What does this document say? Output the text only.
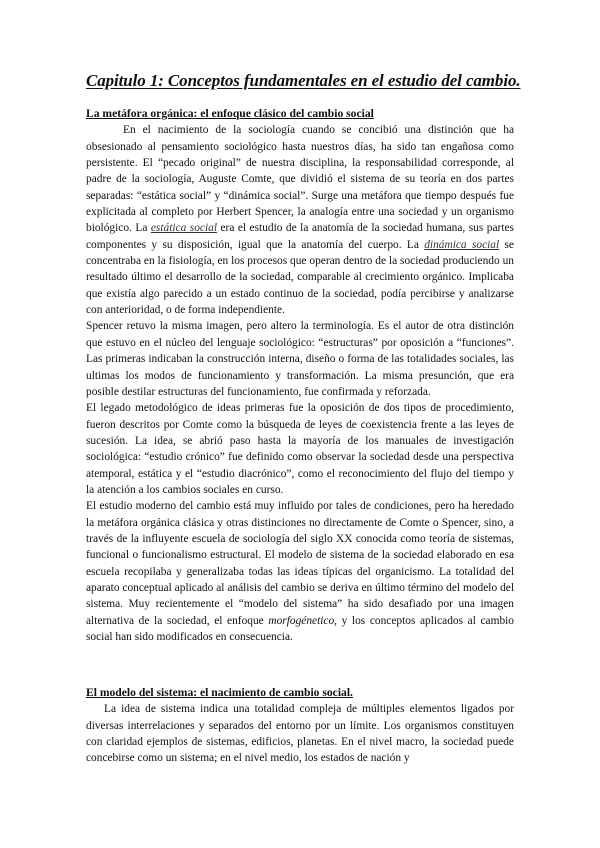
Capitulo 1: Conceptos fundamentales en el estudio del cambio.

La metáfora orgánica: el enfoque clásico del cambio social

En el nacimiento de la sociología cuando se concibió una distinción que ha obsesionado al pensamiento sociológico hasta nuestros días, ha sido tan engañosa como persistente. El “pecado original” de nuestra disciplina, la responsabilidad corresponde, al padre de la sociología, Auguste Comte, que dividió el sistema de su teoría en dos partes separadas: “estática social” y “dinámica social”. Surge una metáfora que tiempo después fue explicitada al completo por Herbert Spencer, la analogía entre una sociedad y un organismo biológico. La estática social era el estudio de la anatomía de la sociedad humana, sus partes componentes y su disposición, igual que la anatomía del cuerpo. La dinámica social se concentraba en la fisiología, en los procesos que operan dentro de la sociedad produciendo un resultado último el desarrollo de la sociedad, comparable al crecimiento orgánico. Implicaba que existía algo parecido a un estado continuo de la sociedad, podía percibirse y analizarse con anterioridad, o de forma independiente.

Spencer retuvo la misma imagen, pero altero la terminología. Es el autor de otra distinción que estuvo en el núcleo del lenguaje sociológico: “estructuras” por oposición a “funciones”. Las primeras indicaban la construcción interna, diseño o forma de las totalidades sociales, las ultimas los modos de funcionamiento y transformación. La misma presunción, que era posible destilar estructuras del funcionamiento, fue confirmada y reforzada.

El legado metodológico de ideas primeras fue la oposición de dos tipos de procedimiento, fueron descritos por Comte como la búsqueda de leyes de coexistencia frente a las leyes de sucesión. La idea, se abrió paso hasta la mayoría de los manuales de investigación sociológica: “estudio crónico” fue definido como observar la sociedad desde una perspectiva atemporal, estática y el “estudio diacrónico”, como el reconocimiento del flujo del tiempo y la atención a los cambios sociales en curso.

El estudio moderno del cambio está muy influido por tales de condiciones, pero ha heredado la metáfora orgánica clásica y otras distinciones no directamente de Comte o Spencer, sino, a través de la influyente escuela de sociología del siglo XX conocida como teoría de sistemas, funcional o funcionalismo estructural. El modelo de sistema de la sociedad elaborado en esa escuela recopilaba y generalizaba todas las ideas típicas del organicismo. La totalidad del aparato conceptual aplicado al análisis del cambio se deriva en último término del modelo del sistema. Muy recientemente el “modelo del sistema” ha sido desafiado por una imagen alternativa de la sociedad, el enfoque morfogénetico, y los conceptos aplicados al cambio social han sido modificados en consecuencia.

El modelo del sistema: el nacimiento de cambio social.

La idea de sistema indica una totalidad compleja de múltiples elementos ligados por diversas interrelaciones y separados del entorno por un límite. Los organismos constituyen con claridad ejemplos de sistemas, edificios, planetas. En el nivel macro, la sociedad puede concebirse como un sistema; en el nivel medio, los estados de nación y
